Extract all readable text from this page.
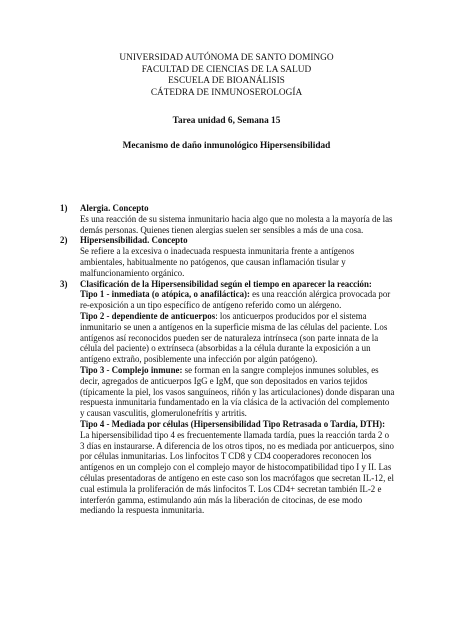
UNIVERSIDAD AUTÓNOMA DE SANTO DOMINGO
FACULTAD DE CIENCIAS DE LA SALUD
ESCUELA DE BIOANÁLISIS
CÁTEDRA DE INMUNOSEROLOGÍA
Tarea unidad 6, Semana 15
Mecanismo de daño inmunológico Hipersensibilidad
1) Alergia. Concepto

Es una reacción de su sistema inmunitario hacia algo que no molesta a la mayoría de las demás personas. Quienes tienen alergias suelen ser sensibles a más de una cosa.

2) Hipersensibilidad. Concepto

Se refiere a la excesiva o inadecuada respuesta inmunitaria frente a antígenos ambientales, habitualmente no patógenos, que causan inflamación tisular y malfuncionamiento orgánico.

3) Clasificación de la Hipersensibilidad según el tiempo en aparecer la reacción:

Tipo 1 - inmediata (o atópica, o anafiláctica): es una reacción alérgica provocada por re-exposición a un tipo específico de antígeno referido como un alérgeno.

Tipo 2 - dependiente de anticuerpos: los anticuerpos producidos por el sistema inmunitario se unen a antígenos en la superficie misma de las células del paciente. Los antígenos así reconocidos pueden ser de naturaleza intrínseca (son parte innata de la célula del paciente) o extrínseca (absorbidas a la célula durante la exposición a un antígeno extraño, posiblemente una infección por algún patógeno).

Tipo 3 - Complejo inmune: se forman en la sangre complejos inmunes solubles, es decir, agregados de anticuerpos IgG e IgM, que son depositados en varios tejidos (típicamente la piel, los vasos sanguíneos, riñón y las articulaciones) donde disparan una respuesta inmunitaria fundamentado en la vía clásica de la activación del complemento y causan vasculitis, glomerulonefrítis y artritis.

Tipo 4 - Mediada por células (Hipersensibilidad Tipo Retrasada o Tardía, DTH): La hipersensibilidad tipo 4 es frecuentemente llamada tardía, pues la reacción tarda 2 o 3 días en instaurarse. A diferencia de los otros tipos, no es mediada por anticuerpos, sino por células inmunitarias. Los linfocitos T CD8 y CD4 cooperadores reconocen los antígenos en un complejo con el complejo mayor de histocompatibilidad tipo I y II. Las células presentadoras de antígeno en este caso son los macrófagos que secretan IL-12, el cual estimula la proliferación de más linfocitos T. Los CD4+ secretan también IL-2 e interferón gamma, estimulando aún más la liberación de citocinas, de ese modo mediando la respuesta inmunitaria.
